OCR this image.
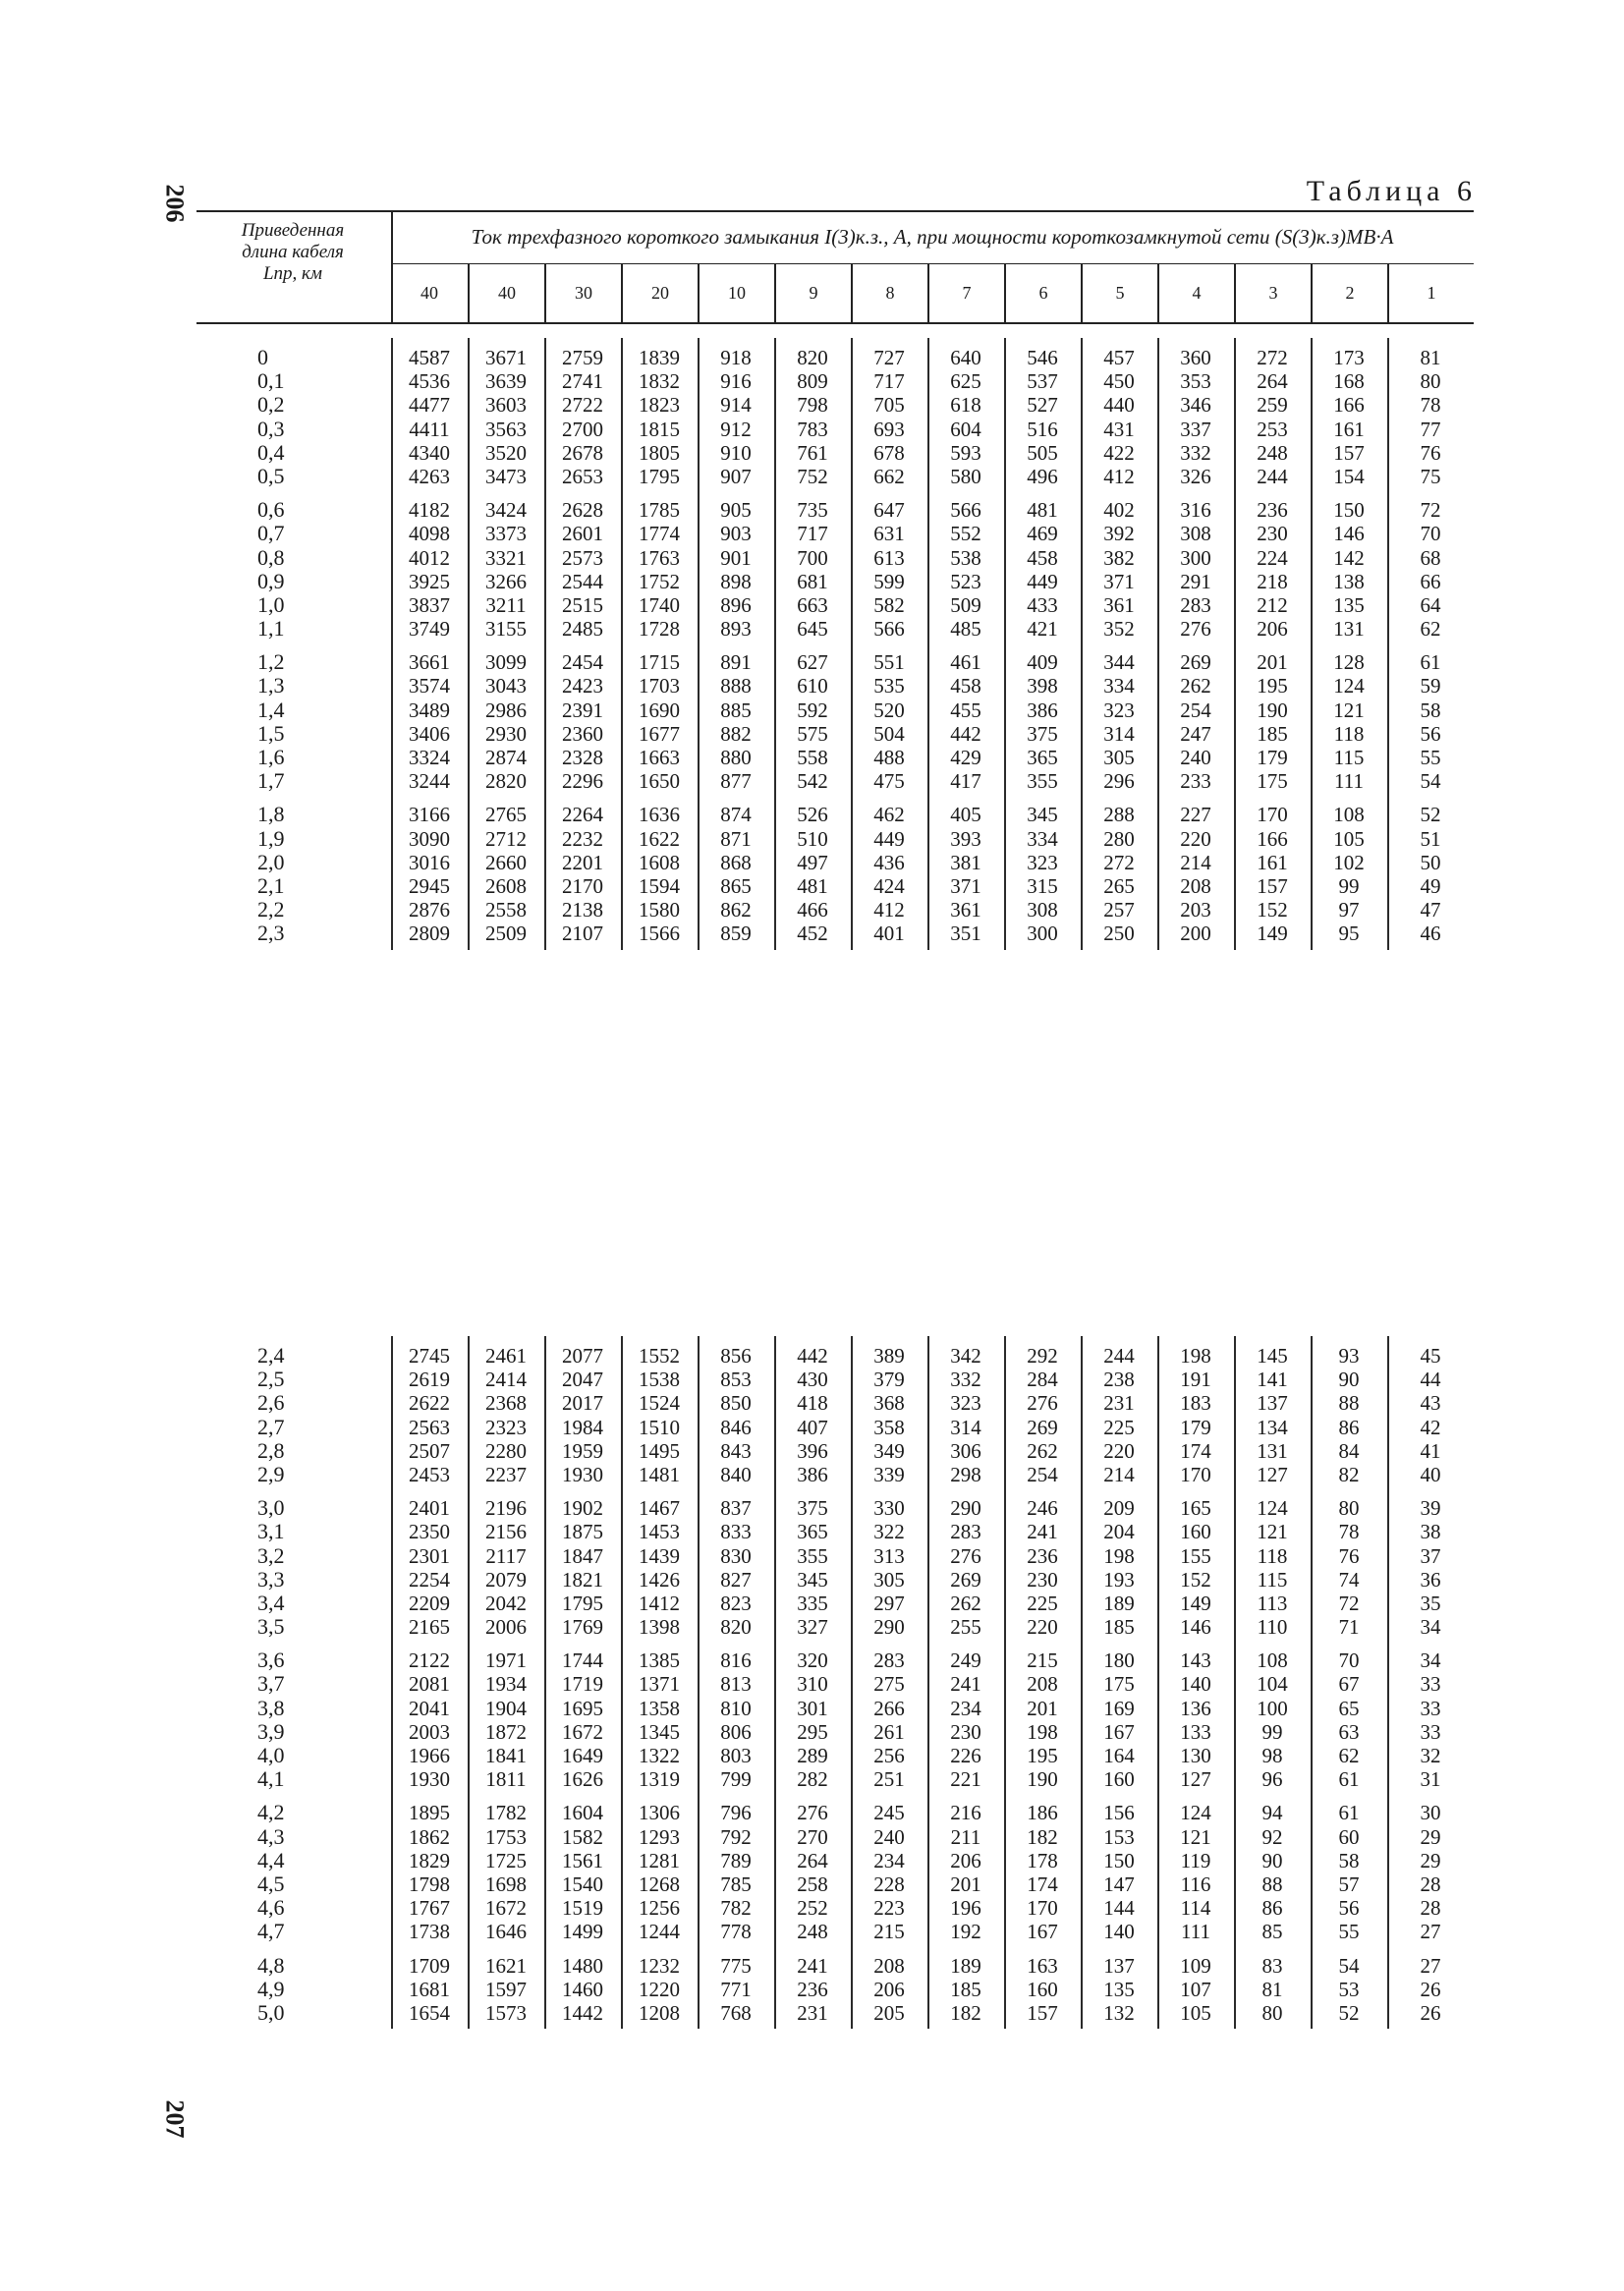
206
207
Таблица 6
Приведенная
длина кабеля
Lпр, км
Ток трехфазного короткого замыкания I(3)к.з., А, при мощности короткозамкнутой сети (S(3)к.з)МВ·А
40	40	30	20	10	9	8	7	6	5	4	3	2	1
0	4587	3671	2759	1839	918	820	727	640	546	457	360	272	173	81
0,1	4536	3639	2741	1832	916	809	717	625	537	450	353	264	168	80
0,2	4477	3603	2722	1823	914	798	705	618	527	440	346	259	166	78
0,3	4411	3563	2700	1815	912	783	693	604	516	431	337	253	161	77
0,4	4340	3520	2678	1805	910	761	678	593	505	422	332	248	157	76
0,5	4263	3473	2653	1795	907	752	662	580	496	412	326	244	154	75
0,6	4182	3424	2628	1785	905	735	647	566	481	402	316	236	150	72
0,7	4098	3373	2601	1774	903	717	631	552	469	392	308	230	146	70
0,8	4012	3321	2573	1763	901	700	613	538	458	382	300	224	142	68
0,9	3925	3266	2544	1752	898	681	599	523	449	371	291	218	138	66
1,0	3837	3211	2515	1740	896	663	582	509	433	361	283	212	135	64
1,1	3749	3155	2485	1728	893	645	566	485	421	352	276	206	131	62
1,2	3661	3099	2454	1715	891	627	551	461	409	344	269	201	128	61
1,3	3574	3043	2423	1703	888	610	535	458	398	334	262	195	124	59
1,4	3489	2986	2391	1690	885	592	520	455	386	323	254	190	121	58
1,5	3406	2930	2360	1677	882	575	504	442	375	314	247	185	118	56
1,6	3324	2874	2328	1663	880	558	488	429	365	305	240	179	115	55
1,7	3244	2820	2296	1650	877	542	475	417	355	296	233	175	111	54
1,8	3166	2765	2264	1636	874	526	462	405	345	288	227	170	108	52
1,9	3090	2712	2232	1622	871	510	449	393	334	280	220	166	105	51
2,0	3016	2660	2201	1608	868	497	436	381	323	272	214	161	102	50
2,1	2945	2608	2170	1594	865	481	424	371	315	265	208	157	99	49
2,2	2876	2558	2138	1580	862	466	412	361	308	257	203	152	97	47
2,3	2809	2509	2107	1566	859	452	401	351	300	250	200	149	95	46
2,4	2745	2461	2077	1552	856	442	389	342	292	244	198	145	93	45
2,5	2619	2414	2047	1538	853	430	379	332	284	238	191	141	90	44
2,6	2622	2368	2017	1524	850	418	368	323	276	231	183	137	88	43
2,7	2563	2323	1984	1510	846	407	358	314	269	225	179	134	86	42
2,8	2507	2280	1959	1495	843	396	349	306	262	220	174	131	84	41
2,9	2453	2237	1930	1481	840	386	339	298	254	214	170	127	82	40
3,0	2401	2196	1902	1467	837	375	330	290	246	209	165	124	80	39
3,1	2350	2156	1875	1453	833	365	322	283	241	204	160	121	78	38
3,2	2301	2117	1847	1439	830	355	313	276	236	198	155	118	76	37
3,3	2254	2079	1821	1426	827	345	305	269	230	193	152	115	74	36
3,4	2209	2042	1795	1412	823	335	297	262	225	189	149	113	72	35
3,5	2165	2006	1769	1398	820	327	290	255	220	185	146	110	71	34
3,6	2122	1971	1744	1385	816	320	283	249	215	180	143	108	70	34
3,7	2081	1934	1719	1371	813	310	275	241	208	175	140	104	67	33
3,8	2041	1904	1695	1358	810	301	266	234	201	169	136	100	65	33
3,9	2003	1872	1672	1345	806	295	261	230	198	167	133	99	63	33
4,0	1966	1841	1649	1322	803	289	256	226	195	164	130	98	62	32
4,1	1930	1811	1626	1319	799	282	251	221	190	160	127	96	61	31
4,2	1895	1782	1604	1306	796	276	245	216	186	156	124	94	61	30
4,3	1862	1753	1582	1293	792	270	240	211	182	153	121	92	60	29
4,4	1829	1725	1561	1281	789	264	234	206	178	150	119	90	58	29
4,5	1798	1698	1540	1268	785	258	228	201	174	147	116	88	57	28
4,6	1767	1672	1519	1256	782	252	223	196	170	144	114	86	56	28
4,7	1738	1646	1499	1244	778	248	215	192	167	140	111	85	55	27
4,8	1709	1621	1480	1232	775	241	208	189	163	137	109	83	54	27
4,9	1681	1597	1460	1220	771	236	206	185	160	135	107	81	53	26
5,0	1654	1573	1442	1208	768	231	205	182	157	132	105	80	52	26
